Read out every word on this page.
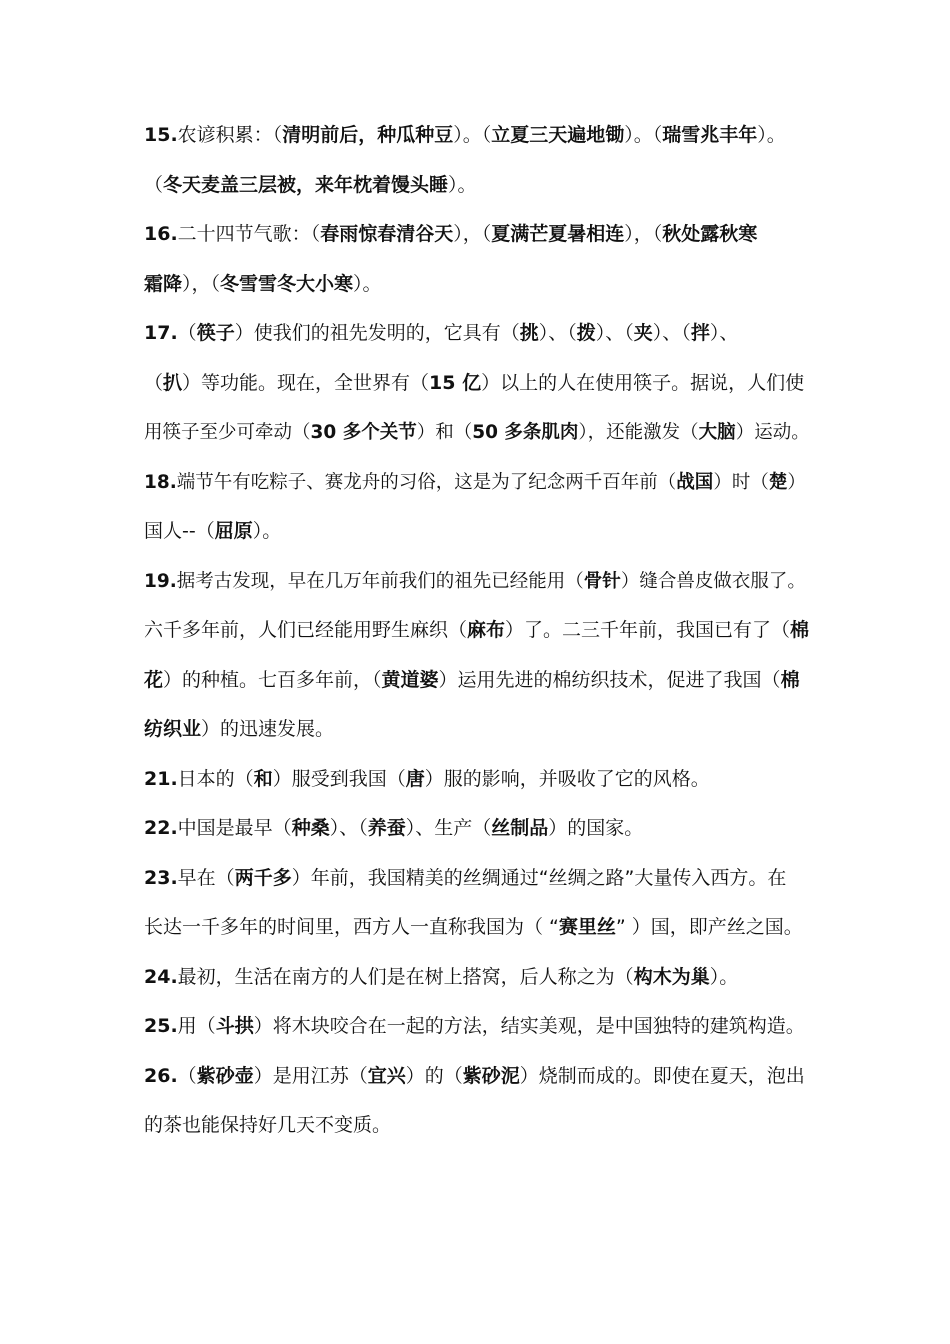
15.农谚积累：（清明前后，种瓜种豆）。（立夏三天遍地锄）。（瑞雪兆丰年）。
（冬天麦盖三层被，来年枕着馒头睡）。
16.二十四节气歌：（春雨惊春清谷天），（夏满芒夏暑相连），（秋处露秋寒
霜降），（冬雪雪冬大小寒）。
17.（筷子）使我们的祖先发明的，它具有（挑）、（拨）、（夹）、（拌）、
（扒）等功能。现在，全世界有（15 亿）以上的人在使用筷子。据说，人们使
用筷子至少可牵动（30 多个关节）和（50 多条肌肉），还能激发（大脑）运动。
18.端节午有吃粽子、赛龙舟的习俗，这是为了纪念两千百年前（战国）时（楚）
国人--（屈原）。
19.据考古发现，早在几万年前我们的祖先已经能用（骨针）缝合兽皮做衣服了。
六千多年前，人们已经能用野生麻织（麻布）了。二三千年前，我国已有了（棉
花）的种植。七百多年前，（黄道婆）运用先进的棉纺织技术，促进了我国（棉
纺织业）的迅速发展。
21.日本的（和）服受到我国（唐）服的影响，并吸收了它的风格。
22.中国是最早（种桑）、（养蚕）、生产（丝制品）的国家。
23.早在（两千多）年前，我国精美的丝绸通过“丝绸之路”大量传入西方。在
长达一千多年的时间里，西方人一直称我国为（ “赛里丝” ）国，即产丝之国。
24.最初，生活在南方的人们是在树上搭窝，后人称之为（构木为巢）。
25.用（斗拱）将木块咬合在一起的方法，结实美观，是中国独特的建筑构造。
26.（紫砂壶）是用江苏（宜兴）的（紫砂泥）烧制而成的。即使在夏天，泡出
的茶也能保持好几天不变质。
